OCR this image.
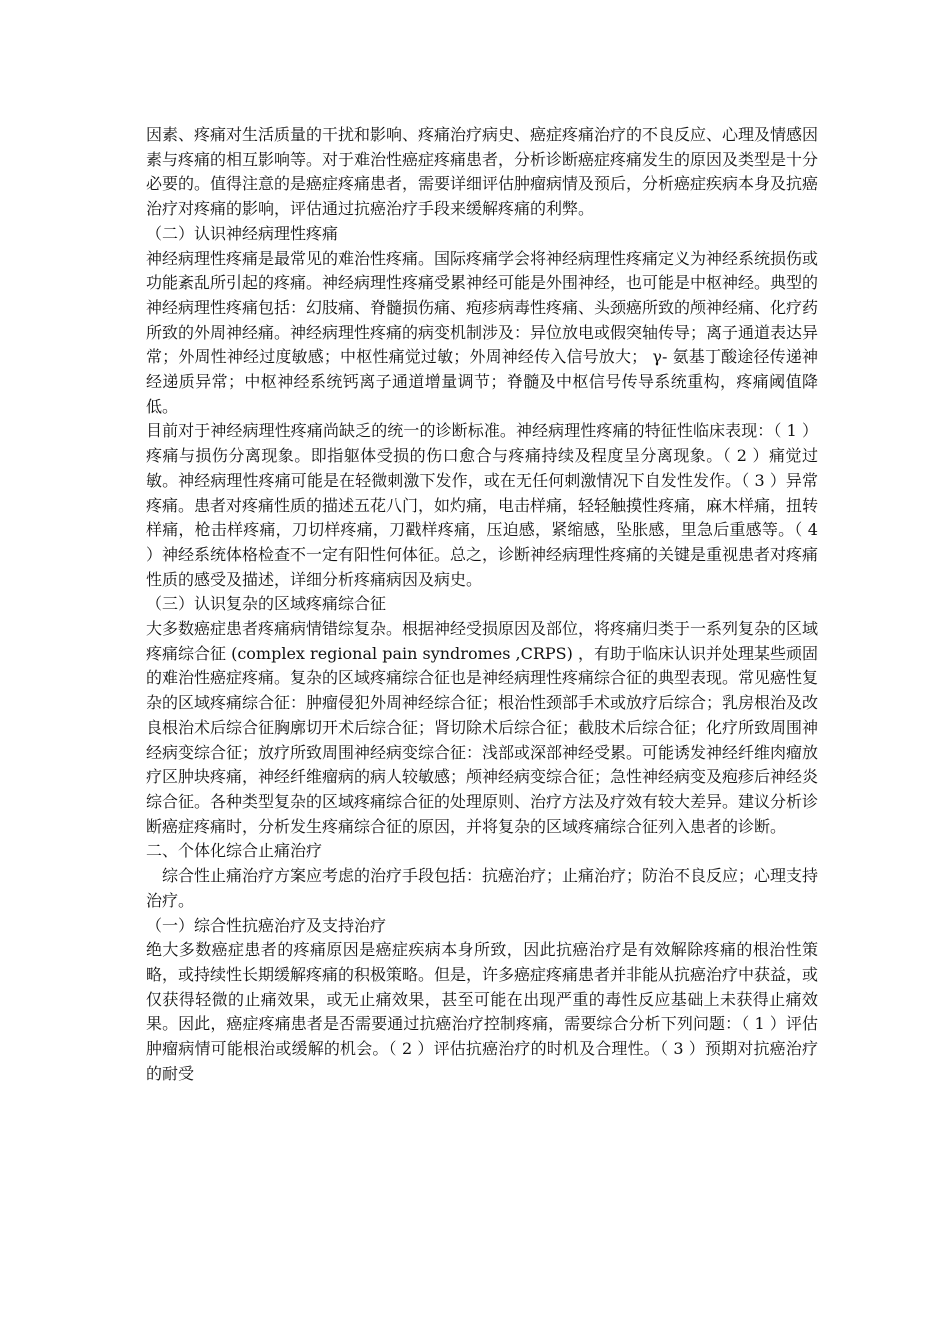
因素、疼痛对生活质量的干扰和影响、疼痛治疗病史、癌症疼痛治疗的不良反应、心理及情感因素与疼痛的相互影响等。对于难治性癌症疼痛患者，分析诊断癌症疼痛发生的原因及类型是十分必要的。值得注意的是癌症疼痛患者，需要详细评估肿瘤病情及预后，分析癌症疾病本身及抗癌治疗对疼痛的影响，评估通过抗癌治疗手段来缓解疼痛的利弊。

（二）认识神经病理性疼痛

神经病理性疼痛是最常见的难治性疼痛。国际疼痛学会将神经病理性疼痛定义为神经系统损伤或功能紊乱所引起的疼痛。神经病理性疼痛受累神经可能是外围神经，也可能是中枢神经。典型的神经病理性疼痛包括：幻肢痛、脊髓损伤痛、疱疹病毒性疼痛、头颈癌所致的颅神经痛、化疗药所致的外周神经痛。神经病理性疼痛的病变机制涉及：异位放电或假突轴传导；离子通道表达异常；外周性神经过度敏感；中枢性痛觉过敏；外周神经传入信号放大； γ- 氨基丁酸途径传递神经递质异常；中枢神经系统钙离子通道增量调节；脊髓及中枢信号传导系统重构，疼痛阈值降低。

目前对于神经病理性疼痛尚缺乏的统一的诊断标准。神经病理性疼痛的特征性临床表现：（ 1 ）疼痛与损伤分离现象。即指躯体受损的伤口愈合与疼痛持续及程度呈分离现象。（ 2 ）痛觉过敏。神经病理性疼痛可能是在轻微刺激下发作，或在无任何刺激情况下自发性发作。（ 3 ）异常疼痛。患者对疼痛性质的描述五花八门，如灼痛，电击样痛，轻轻触摸性疼痛，麻木样痛，扭转样痛，枪击样疼痛，刀切样疼痛，刀戳样疼痛，压迫感，紧缩感，坠胀感，里急后重感等。（ 4 ）神经系统体格检查不一定有阳性何体征。总之，诊断神经病理性疼痛的关键是重视患者对疼痛性质的感受及描述，详细分析疼痛病因及病史。

（三）认识复杂的区域疼痛综合征

大多数癌症患者疼痛病情错综复杂。根据神经受损原因及部位，将疼痛归类于一系列复杂的区域疼痛综合征 (complex regional pain syndromes ,CRPS) ，有助于临床认识并处理某些顽固的难治性癌症疼痛。复杂的区域疼痛综合征也是神经病理性疼痛综合征的典型表现。常见癌性复杂的区域疼痛综合征：肿瘤侵犯外周神经综合征；根治性颈部手术或放疗后综合；乳房根治及改良根治术后综合征胸廓切开术后综合征；肾切除术后综合征；截肢术后综合征；化疗所致周围神经病变综合征；放疗所致周围神经病变综合征：浅部或深部神经受累。可能诱发神经纤维肉瘤放疗区肿块疼痛，神经纤维瘤病的病人较敏感；颅神经病变综合征；急性神经病变及疱疹后神经炎综合征。各种类型复杂的区域疼痛综合征的处理原则、治疗方法及疗效有较大差异。建议分析诊断癌症疼痛时，分析发生疼痛综合征的原因，并将复杂的区域疼痛综合征列入患者的诊断。

二、个体化综合止痛治疗

综合性止痛治疗方案应考虑的治疗手段包括：抗癌治疗；止痛治疗；防治不良反应；心理支持治疗。

（一）综合性抗癌治疗及支持治疗

绝大多数癌症患者的疼痛原因是癌症疾病本身所致，因此抗癌治疗是有效解除疼痛的根治性策略，或持续性长期缓解疼痛的积极策略。但是，许多癌症疼痛患者并非能从抗癌治疗中获益，或仅获得轻微的止痛效果，或无止痛效果，甚至可能在出现严重的毒性反应基础上未获得止痛效果。因此，癌症疼痛患者是否需要通过抗癌治疗控制疼痛，需要综合分析下列问题：（ 1 ）评估肿瘤病情可能根治或缓解的机会。（ 2 ）评估抗癌治疗的时机及合理性。（ 3 ）预期对抗癌治疗的耐受
